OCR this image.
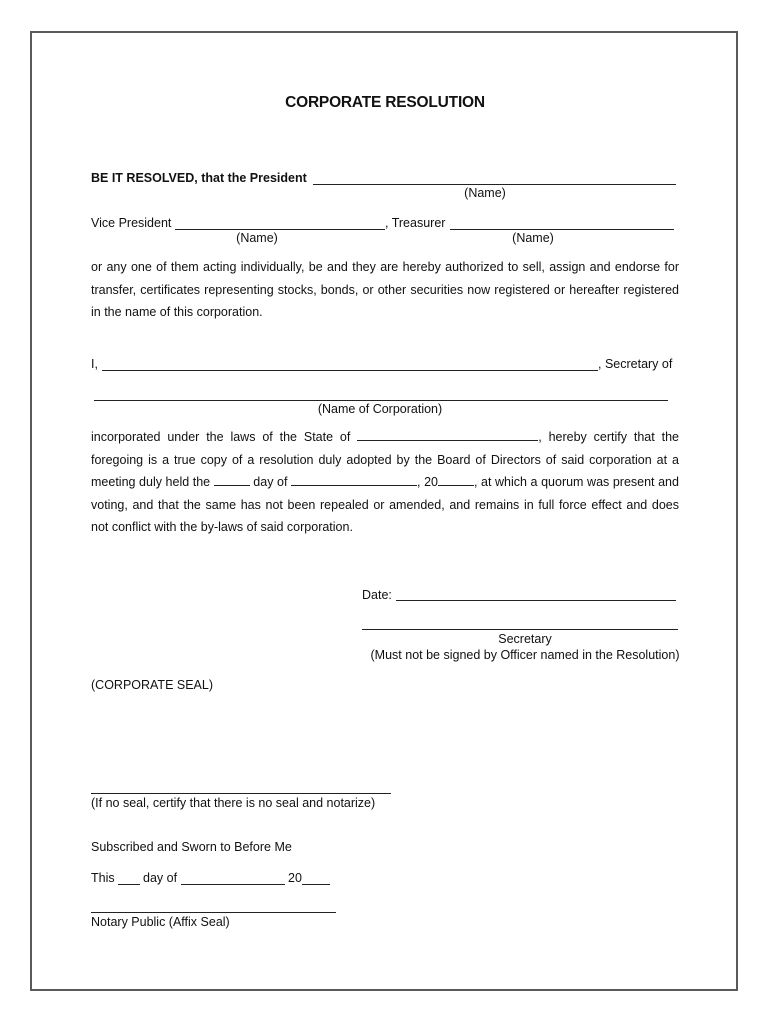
CORPORATE RESOLUTION
BE IT RESOLVED, that the President
(Name)
Vice President	, Treasurer
(Name)	(Name)
or any one of them acting individually, be and they are hereby authorized to sell, assign and endorse for
transfer, certificates representing stocks, bonds, or other securities now registered or hereafter registered
in the name of this corporation.
I,	, Secretary of
(Name of Corporation)
incorporated under the laws of the State of	, hereby certify that the
foregoing is a true copy of a resolution duly adopted by the Board of Directors of said corporation at a
meeting duly held the	day of	, 20	, at which a quorum was present and
voting, and that the same has not been repealed or amended, and remains in full force effect and does
not conflict with the by-laws of said corporation.
Date:
Secretary
(Must not be signed by Officer named in the Resolution)
(CORPORATE SEAL)
(If no seal, certify that there is no seal and notarize)
Subscribed and Sworn to Before Me
This day of	20
Notary Public (Affix Seal)
